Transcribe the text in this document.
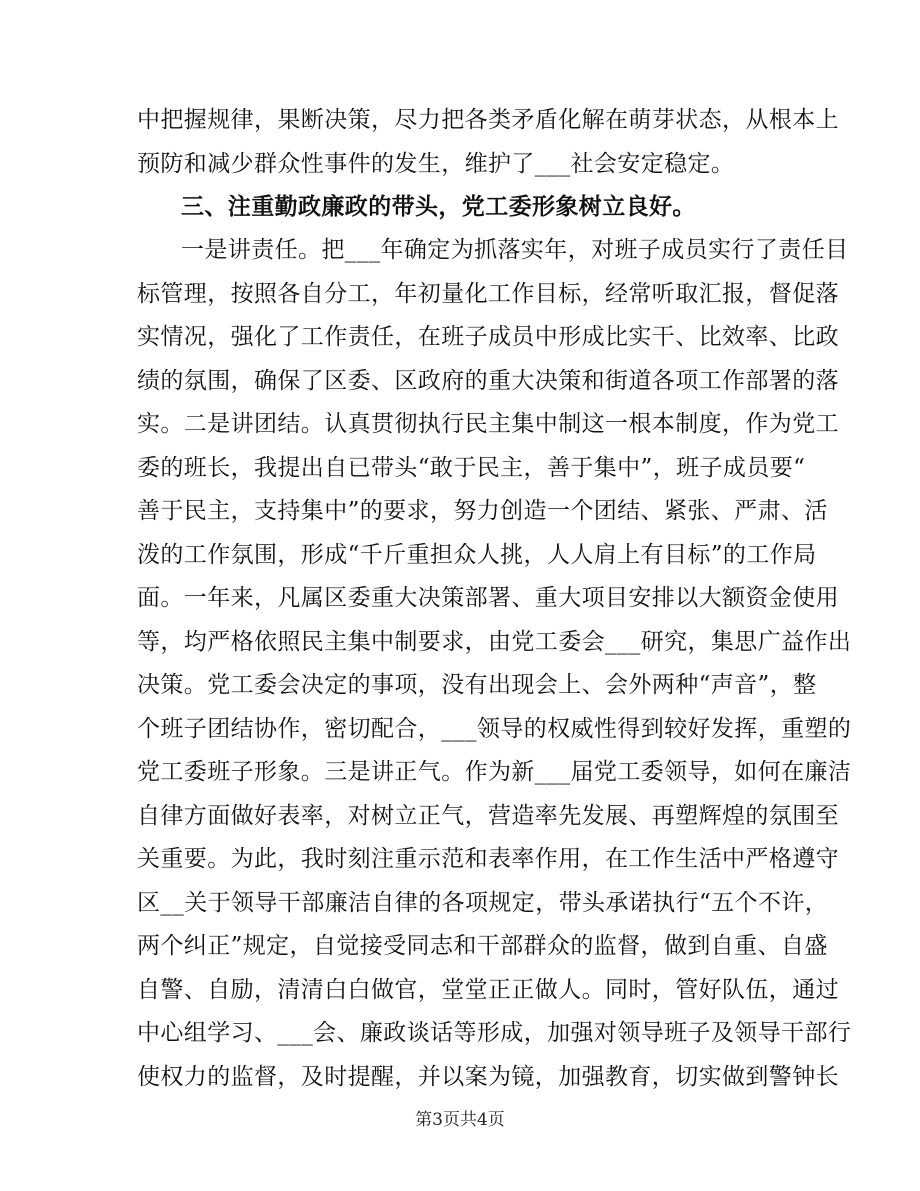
中把握规律，果断决策，尽力把各类矛盾化解在萌芽状态，从根本上
预防和减少群众性事件的发生，维护了___社会安定稳定。
三、注重勤政廉政的带头，党工委形象树立良好。
一是讲责任。把___年确定为抓落实年，对班子成员实行了责任目
标管理，按照各自分工，年初量化工作目标，经常听取汇报，督促落
实情况，强化了工作责任，在班子成员中形成比实干、比效率、比政
绩的氛围，确保了区委、区政府的重大决策和街道各项工作部署的落
实。二是讲团结。认真贯彻执行民主集中制这一根本制度，作为党工
委的班长，我提出自已带头“敢于民主，善于集中”，班子成员要“
善于民主，支持集中”的要求，努力创造一个团结、紧张、严肃、活
泼的工作氛围，形成“千斤重担众人挑，人人肩上有目标”的工作局
面。一年来，凡属区委重大决策部署、重大项目安排以大额资金使用
等，均严格依照民主集中制要求，由党工委会___研究，集思广益作出
决策。党工委会决定的事项，没有出现会上、会外两种“声音”，整
个班子团结协作，密切配合，___领导的权威性得到较好发挥，重塑的
党工委班子形象。三是讲正气。作为新___届党工委领导，如何在廉洁
自律方面做好表率，对树立正气，营造率先发展、再塑辉煌的氛围至
关重要。为此，我时刻注重示范和表率作用，在工作生活中严格遵守
区__关于领导干部廉洁自律的各项规定，带头承诺执行“五个不许，
两个纠正”规定，自觉接受同志和干部群众的监督，做到自重、自盛
自警、自励，清清白白做官，堂堂正正做人。同时，管好队伍，通过
中心组学习、___会、廉政谈话等形成，加强对领导班子及领导干部行
使权力的监督，及时提醒，并以案为镜，加强教育，切实做到警钟长
第3页共4页
